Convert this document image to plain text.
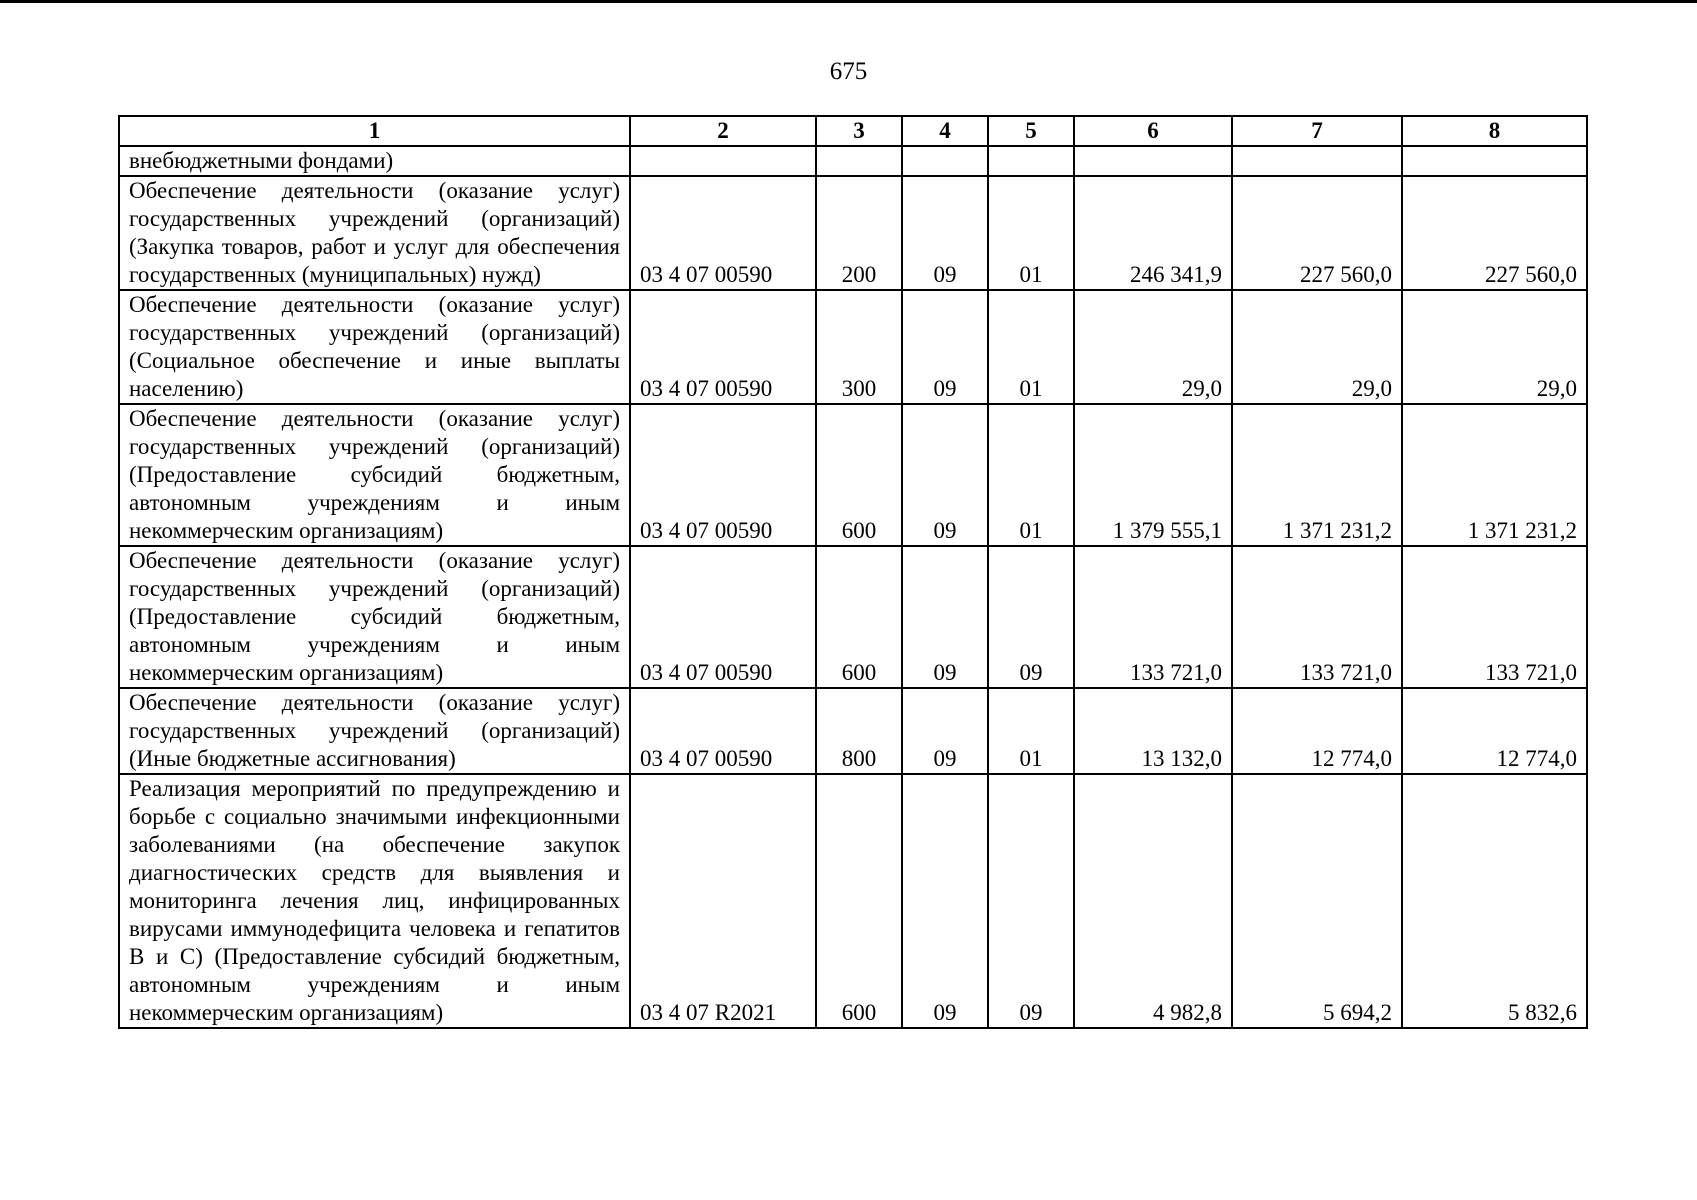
675
1	2	3	4	5	6	7	8
внебюджетными фондами)							
Обеспечение деятельности (оказание услуг) государственных учреждений (организаций) (Закупка товаров, работ и услуг для обеспечения государственных (муниципальных) нужд)	03 4 07 00590	200	09	01	246 341,9	227 560,0	227 560,0
Обеспечение деятельности (оказание услуг) государственных учреждений (организаций) (Социальное обеспечение и иные выплаты населению)	03 4 07 00590	300	09	01	29,0	29,0	29,0
Обеспечение деятельности (оказание услуг) государственных учреждений (организаций) (Предоставление субсидий бюджетным, автономным учреждениям и иным некоммерческим организациям)	03 4 07 00590	600	09	01	1 379 555,1	1 371 231,2	1 371 231,2
Обеспечение деятельности (оказание услуг) государственных учреждений (организаций) (Предоставление субсидий бюджетным, автономным учреждениям и иным некоммерческим организациям)	03 4 07 00590	600	09	09	133 721,0	133 721,0	133 721,0
Обеспечение деятельности (оказание услуг) государственных учреждений (организаций) (Иные бюджетные ассигнования)	03 4 07 00590	800	09	01	13 132,0	12 774,0	12 774,0
Реализация мероприятий по предупреждению и борьбе с социально значимыми инфекционными заболеваниями (на обеспечение закупок диагностических средств для выявления и мониторинга лечения лиц, инфицированных вирусами иммунодефицита человека и гепатитов В и С) (Предоставление субсидий бюджетным, автономным учреждениям и иным некоммерческим организациям)	03 4 07 R2021	600	09	09	4 982,8	5 694,2	5 832,6
